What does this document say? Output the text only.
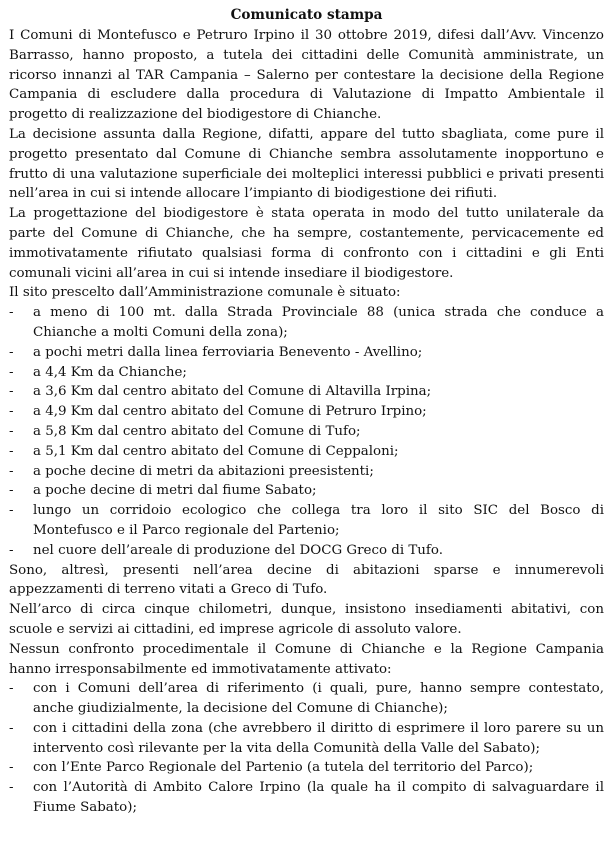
Comunicato stampa

I Comuni di Montefusco e Petruro Irpino il 30 ottobre 2019, difesi dall’Avv. Vincenzo Barrasso, hanno proposto, a tutela dei cittadini delle Comunità amministrate, un ricorso innanzi al TAR Campania – Salerno per contestare la decisione della Regione Campania di escludere dalla procedura di Valutazione di Impatto Ambientale il progetto di realizzazione del biodigestore di Chianche.

La decisione assunta dalla Regione, difatti, appare del tutto sbagliata, come pure il progetto presentato dal Comune di Chianche sembra assolutamente inopportuno e frutto di una valutazione superficiale dei molteplici interessi pubblici e privati presenti nell’area in cui si intende allocare l’impianto di biodigestione dei rifiuti.

La progettazione del biodigestore è stata operata in modo del tutto unilaterale da parte del Comune di Chianche, che ha sempre, costantemente, pervicacemente ed immotivatamente rifiutato qualsiasi forma di confronto con i cittadini e gli Enti comunali vicini all’area in cui si intende insediare il biodigestore.

Il sito prescelto dall’Amministrazione comunale è situato:

- a meno di 100 mt. dalla Strada Provinciale 88 (unica strada che conduce a Chianche a molti Comuni della zona);
- a pochi metri dalla linea ferroviaria Benevento - Avellino;
- a 4,4 Km da Chianche;
- a 3,6 Km dal centro abitato del Comune di Altavilla Irpina;
- a 4,9 Km dal centro abitato del Comune di Petruro Irpino;
- a 5,8 Km dal centro abitato del Comune di Tufo;
- a 5,1 Km dal centro abitato del Comune di Ceppaloni;
- a poche decine di metri da abitazioni preesistenti;
- a poche decine di metri dal fiume Sabato;
- lungo un corridoio ecologico che collega tra loro il sito SIC del Bosco di Montefusco e il Parco regionale del Partenio;
- nel cuore dell’areale di produzione del DOCG Greco di Tufo.

Sono, altresì, presenti nell’area decine di abitazioni sparse e innumerevoli appezzamenti di terreno vitati a Greco di Tufo.

Nell’arco di circa cinque chilometri, dunque, insistono insediamenti abitativi, con scuole e servizi ai cittadini, ed imprese agricole di assoluto valore.

Nessun confronto procedimentale il Comune di Chianche e la Regione Campania hanno irresponsabilmente ed immotivatamente attivato:

- con i Comuni dell’area di riferimento (i quali, pure, hanno sempre contestato, anche giudizialmente, la decisione del Comune di Chianche);
- con i cittadini della zona (che avrebbero il diritto di esprimere il loro parere su un intervento così rilevante per la vita della Comunità della Valle del Sabato);
- con l’Ente Parco Regionale del Partenio (a tutela del territorio del Parco);
- con l’Autorità di Ambito Calore Irpino (la quale ha il compito di salvaguardare il Fiume Sabato);
